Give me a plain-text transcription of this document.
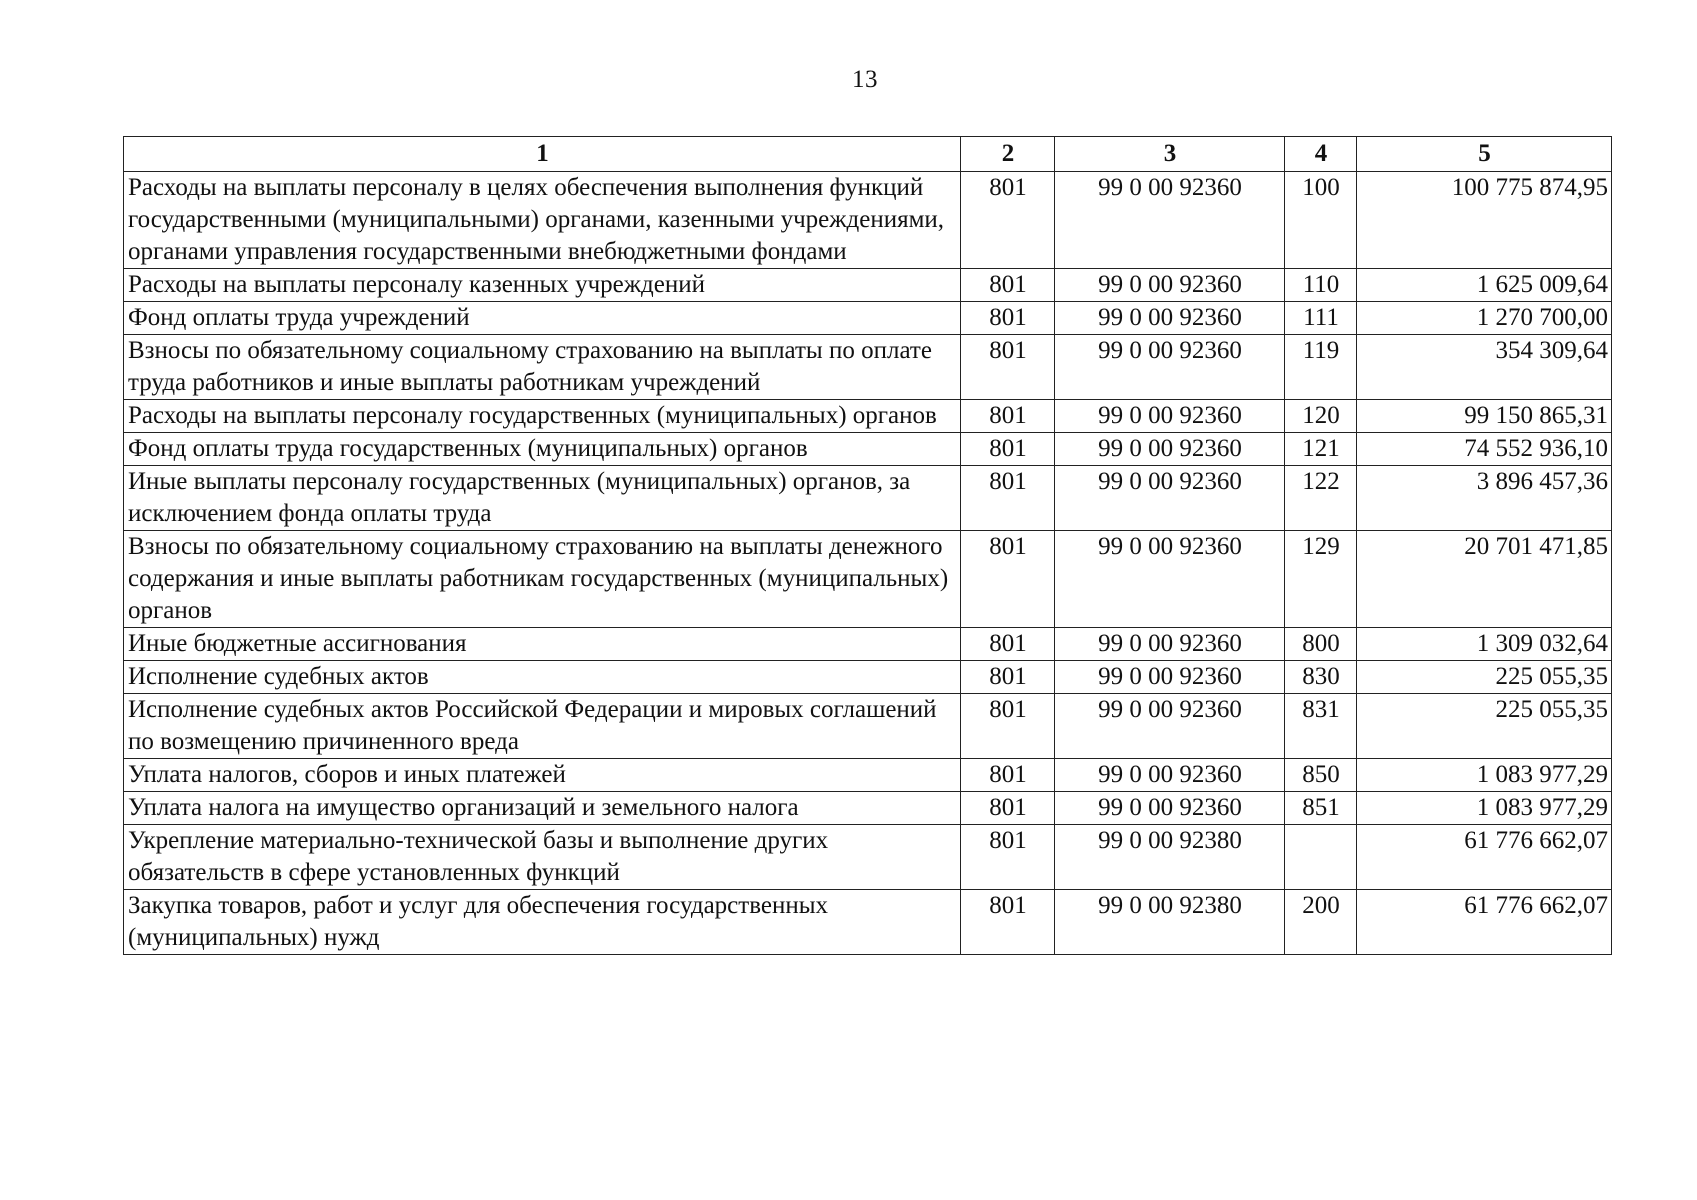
13
1	2	3	4	5
Расходы на выплаты персоналу в целях обеспечения выполнения функций государственными (муниципальными) органами, казенными учреждениями, органами управления государственными внебюджетными фондами	801	99 0 00 92360	100	100 775 874,95
Расходы на выплаты персоналу казенных учреждений	801	99 0 00 92360	110	1 625 009,64
Фонд оплаты труда учреждений	801	99 0 00 92360	111	1 270 700,00
Взносы по обязательному социальному страхованию на выплаты по оплате труда работников и иные выплаты работникам учреждений	801	99 0 00 92360	119	354 309,64
Расходы на выплаты персоналу государственных (муниципальных) органов	801	99 0 00 92360	120	99 150 865,31
Фонд оплаты труда государственных (муниципальных) органов	801	99 0 00 92360	121	74 552 936,10
Иные выплаты персоналу государственных (муниципальных) органов, за исключением фонда оплаты труда	801	99 0 00 92360	122	3 896 457,36
Взносы по обязательному социальному страхованию на выплаты денежного содержания и иные выплаты работникам государственных (муниципальных) органов	801	99 0 00 92360	129	20 701 471,85
Иные бюджетные ассигнования	801	99 0 00 92360	800	1 309 032,64
Исполнение судебных актов	801	99 0 00 92360	830	225 055,35
Исполнение судебных актов Российской Федерации и мировых соглашений по возмещению причиненного вреда	801	99 0 00 92360	831	225 055,35
Уплата налогов, сборов и иных платежей	801	99 0 00 92360	850	1 083 977,29
Уплата налога на имущество организаций и земельного налога	801	99 0 00 92360	851	1 083 977,29
Укрепление материально-технической базы и выполнение других обязательств в сфере установленных функций	801	99 0 00 92380		61 776 662,07
Закупка товаров, работ и услуг для обеспечения государственных (муниципальных) нужд	801	99 0 00 92380	200	61 776 662,07
